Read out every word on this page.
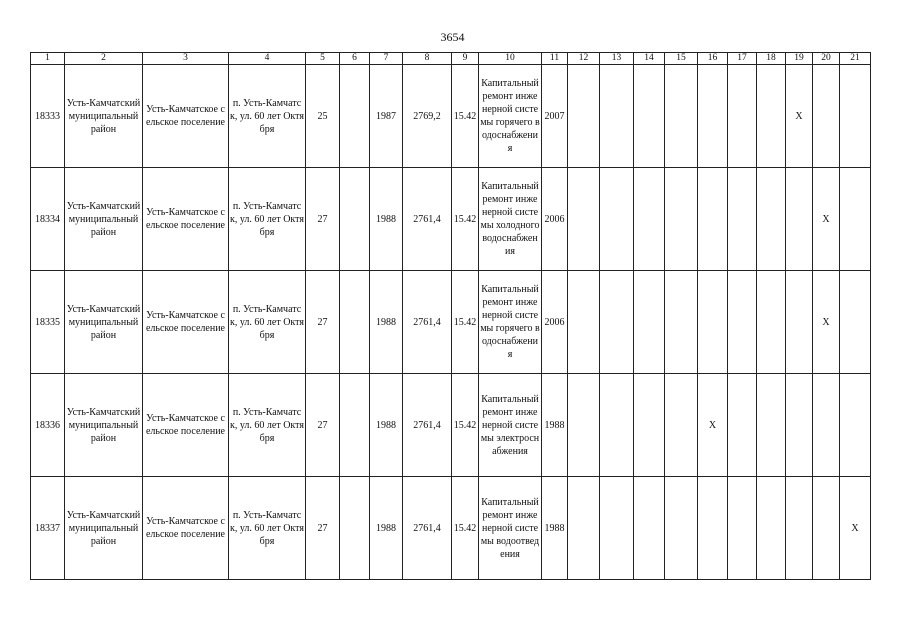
3654
1	2	3	4	5	6	7	8	9	10	11	12	13	14	15	16	17	18	19	20	21
18333	Усть-Камчатский муниципальный район	Усть-Камчатское сельское поселение	п. Усть-Камчатск, ул. 60 лет Октября	25		1987	2769,2	15.42	Капитальный ремонт инженерной системы горячего водоснабжения	2007								X		
18334	Усть-Камчатский муниципальный район	Усть-Камчатское сельское поселение	п. Усть-Камчатск, ул. 60 лет Октября	27		1988	2761,4	15.42	Капитальный ремонт инженерной системы холодного водоснабжения	2006									X	
18335	Усть-Камчатский муниципальный район	Усть-Камчатское сельское поселение	п. Усть-Камчатск, ул. 60 лет Октября	27		1988	2761,4	15.42	Капитальный ремонт инженерной системы горячего водоснабжения	2006									X	
18336	Усть-Камчатский муниципальный район	Усть-Камчатское сельское поселение	п. Усть-Камчатск, ул. 60 лет Октября	27		1988	2761,4	15.42	Капитальный ремонт инженерной системы электроснабжения	1988					X					
18337	Усть-Камчатский муниципальный район	Усть-Камчатское сельское поселение	п. Усть-Камчатск, ул. 60 лет Октября	27		1988	2761,4	15.42	Капитальный ремонт инженерной системы водоотведения	1988										X
